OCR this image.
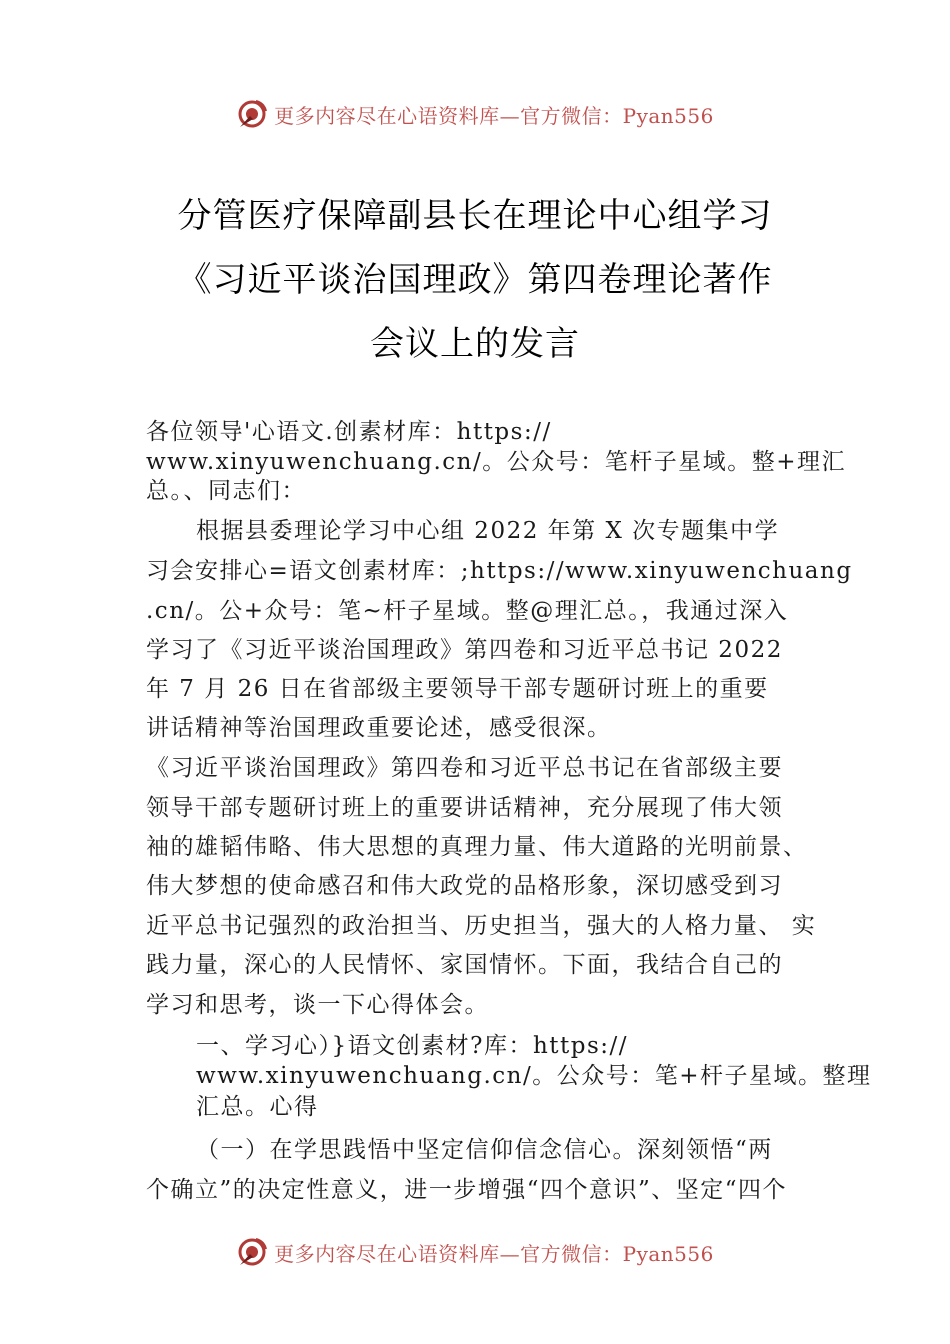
更多内容尽在心语资料库—官方微信：Pyan556
分管医疗保障副县长在理论中心组学习
《习近平谈治国理政》第四卷理论著作
会议上的发言
各位领导'心语文.创素材库：https://
www.xinyuwenchuang.cn/。公众号：笔杆子星域。整+理汇
总。、同志们：
根据县委理论学习中心组 2022 年第 X 次专题集中学
习会安排心=语文创素材库：;https://www.xinyuwenchuang
.cn/。公+众号：笔~杆子星域。整@理汇总。，我通过深入
学习了《习近平谈治国理政》第四卷和习近平总书记 2022
年 7 月 26 日在省部级主要领导干部专题研讨班上的重要
讲话精神等治国理政重要论述，感受很深。
《习近平谈治国理政》第四卷和习近平总书记在省部级主要
领导干部专题研讨班上的重要讲话精神，充分展现了伟大领
袖的雄韬伟略、伟大思想的真理力量、伟大道路的光明前景、
伟大梦想的使命感召和伟大政党的品格形象，深切感受到习
近平总书记强烈的政治担当、历史担当，强大的人格力量、 实
践力量，深心的人民情怀、家国情怀。下面，我结合自己的
学习和思考，谈一下心得体会。
一、学习心）}语文创素材?库：https://
www.xinyuwenchuang.cn/。公众号：笔+杆子星域。整理
汇总。心得
（一）在学思践悟中坚定信仰信念信心。深刻领悟“两
个确立”的决定性意义，进一步增强“四个意识”、坚定“四个
更多内容尽在心语资料库—官方微信：Pyan556
